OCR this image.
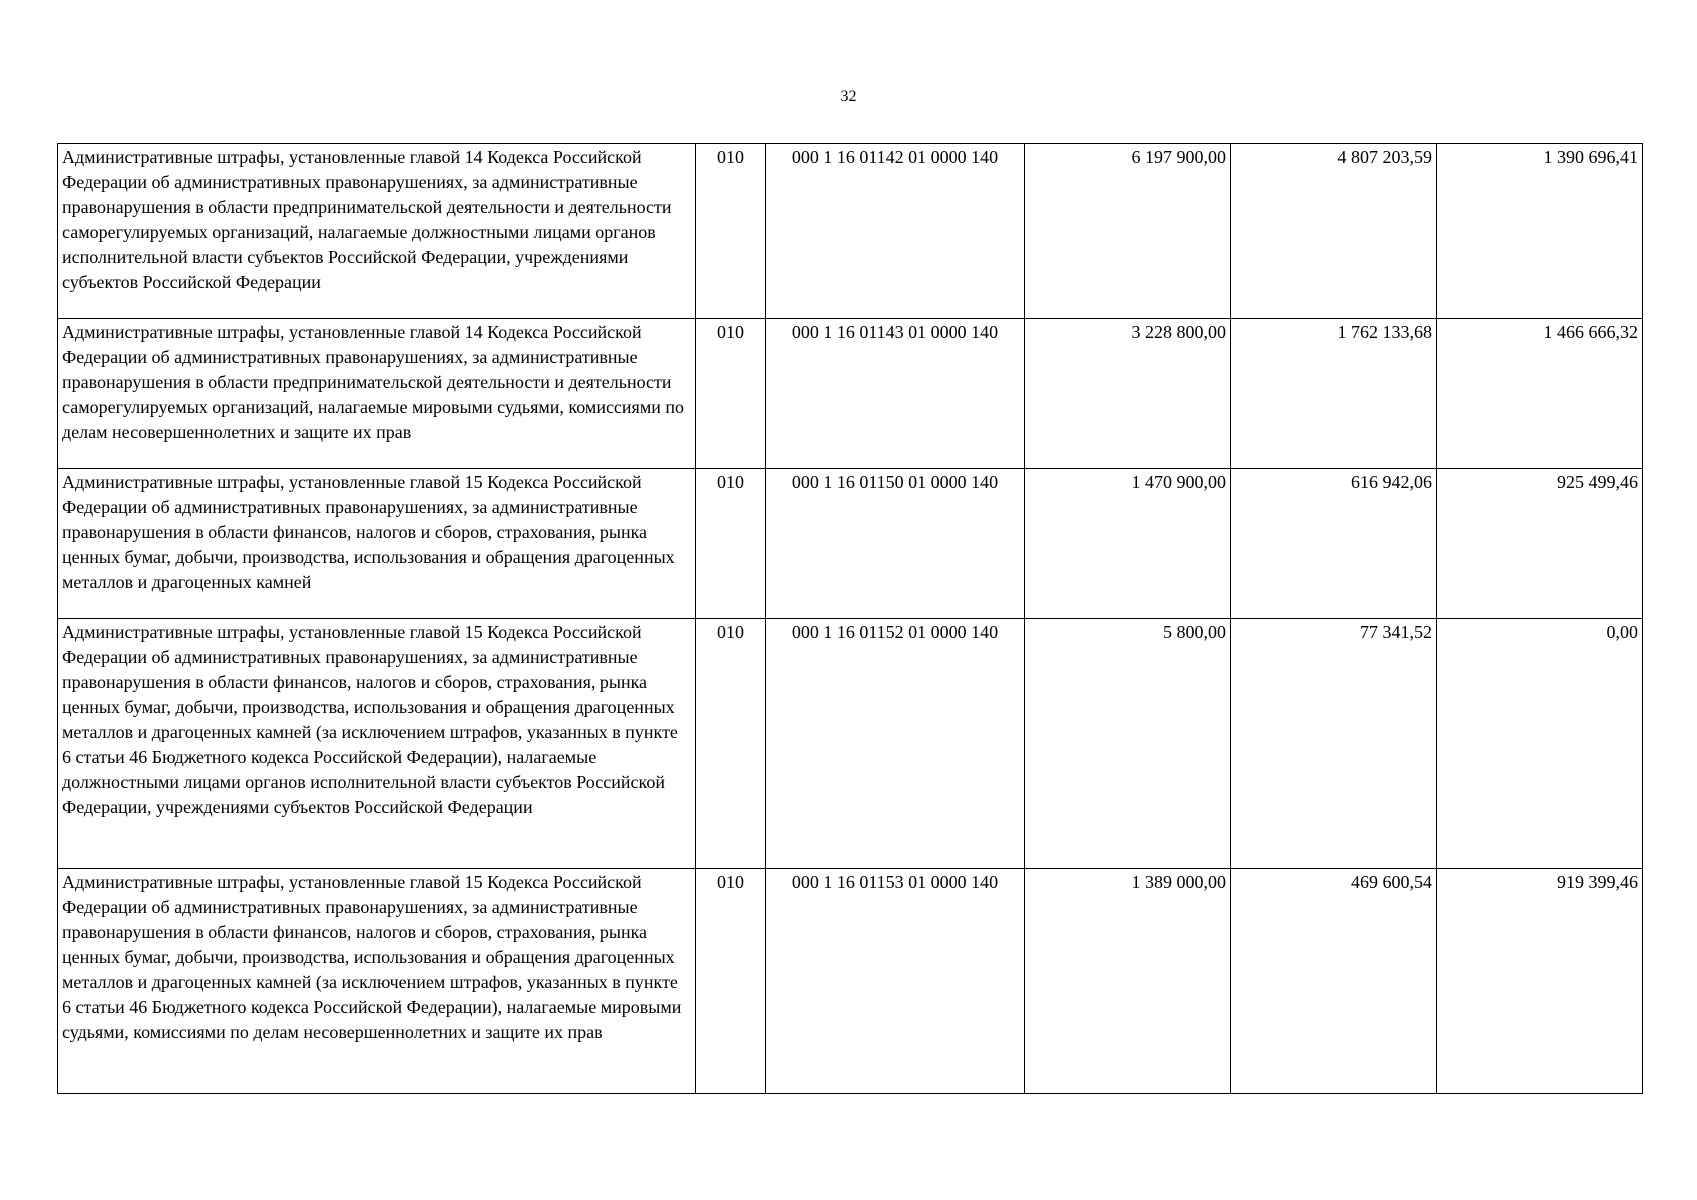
32
Административные штрафы, установленные главой 14 Кодекса Российской Федерации об административных правонарушениях, за административные правонарушения в области предпринимательской деятельности и деятельности саморегулируемых организаций, налагаемые должностными лицами органов исполнительной власти субъектов Российской Федерации, учреждениями субъектов Российской Федерации	010	000 1 16 01142 01 0000 140	6 197 900,00	4 807 203,59	1 390 696,41
Административные штрафы, установленные главой 14 Кодекса Российской Федерации об административных правонарушениях, за административные правонарушения в области предпринимательской деятельности и деятельности саморегулируемых организаций, налагаемые мировыми судьями, комиссиями по делам несовершеннолетних и защите их прав	010	000 1 16 01143 01 0000 140	3 228 800,00	1 762 133,68	1 466 666,32
Административные штрафы, установленные главой 15 Кодекса Российской Федерации об административных правонарушениях, за административные правонарушения в области финансов, налогов и сборов, страхования, рынка ценных бумаг, добычи, производства, использования и обращения драгоценных металлов и драгоценных камней	010	000 1 16 01150 01 0000 140	1 470 900,00	616 942,06	925 499,46
Административные штрафы, установленные главой 15 Кодекса Российской Федерации об административных правонарушениях, за административные правонарушения в области финансов, налогов и сборов, страхования, рынка ценных бумаг, добычи, производства, использования и обращения драгоценных металлов и драгоценных камней (за исключением штрафов, указанных в пункте 6 статьи 46 Бюджетного кодекса Российской Федерации), налагаемые должностными лицами органов исполнительной власти субъектов Российской Федерации, учреждениями субъектов Российской Федерации	010	000 1 16 01152 01 0000 140	5 800,00	77 341,52	0,00
Административные штрафы, установленные главой 15 Кодекса Российской Федерации об административных правонарушениях, за административные правонарушения в области финансов, налогов и сборов, страхования, рынка ценных бумаг, добычи, производства, использования и обращения драгоценных металлов и драгоценных камней (за исключением штрафов, указанных в пункте 6 статьи 46 Бюджетного кодекса Российской Федерации), налагаемые мировыми судьями, комиссиями по делам несовершеннолетних и защите их прав	010	000 1 16 01153 01 0000 140	1 389 000,00	469 600,54	919 399,46
